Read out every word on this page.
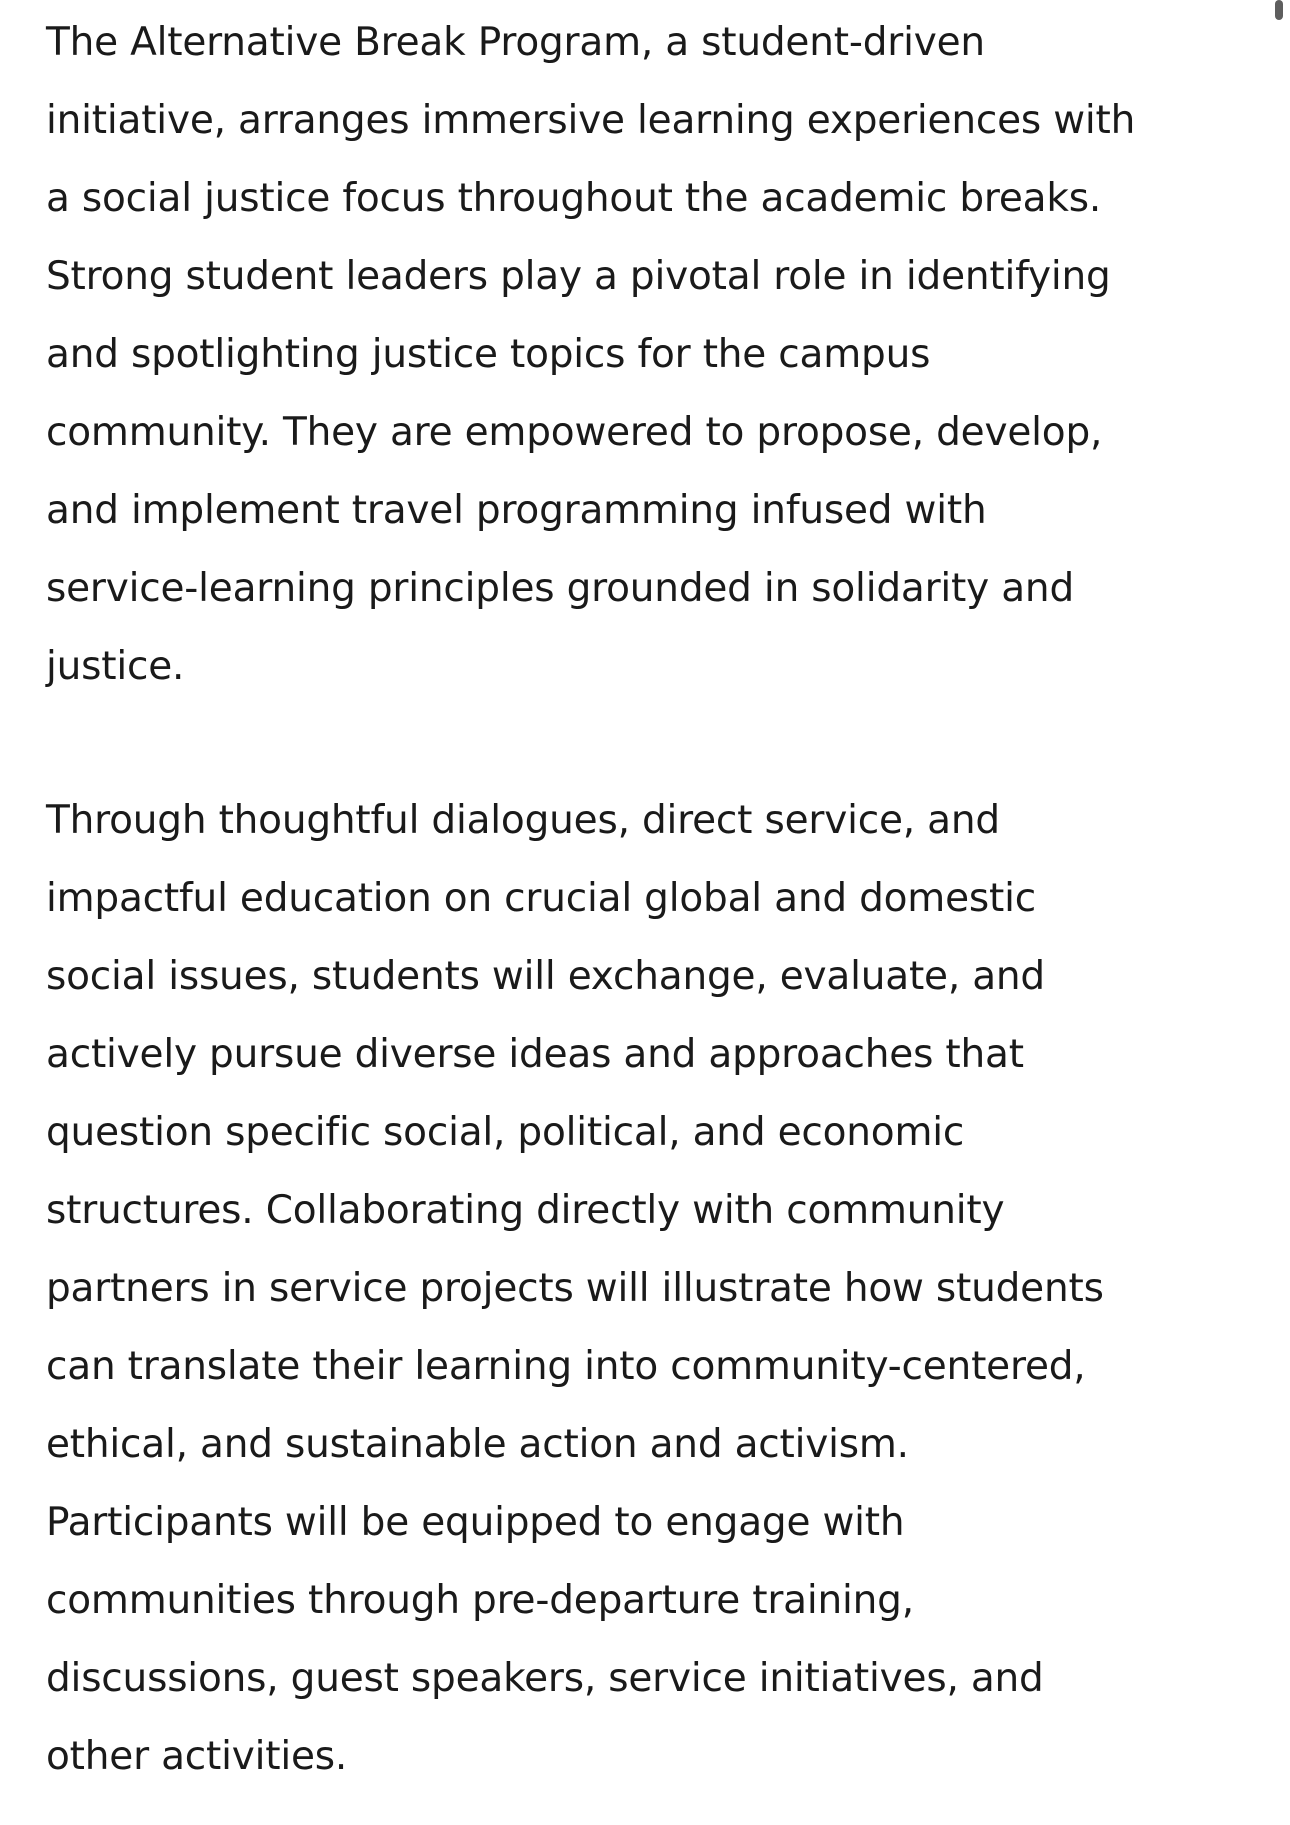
The Alternative Break Program, a student-driven
initiative, arranges immersive learning experiences with
a social justice focus throughout the academic breaks.
Strong student leaders play a pivotal role in identifying
and spotlighting justice topics for the campus
community. They are empowered to propose, develop,
and implement travel programming infused with
service-learning principles grounded in solidarity and
justice.
Through thoughtful dialogues, direct service, and
impactful education on crucial global and domestic
social issues, students will exchange, evaluate, and
actively pursue diverse ideas and approaches that
question specific social, political, and economic
structures. Collaborating directly with community
partners in service projects will illustrate how students
can translate their learning into community-centered,
ethical, and sustainable action and activism.
Participants will be equipped to engage with
communities through pre-departure training,
discussions, guest speakers, service initiatives, and
other activities.
